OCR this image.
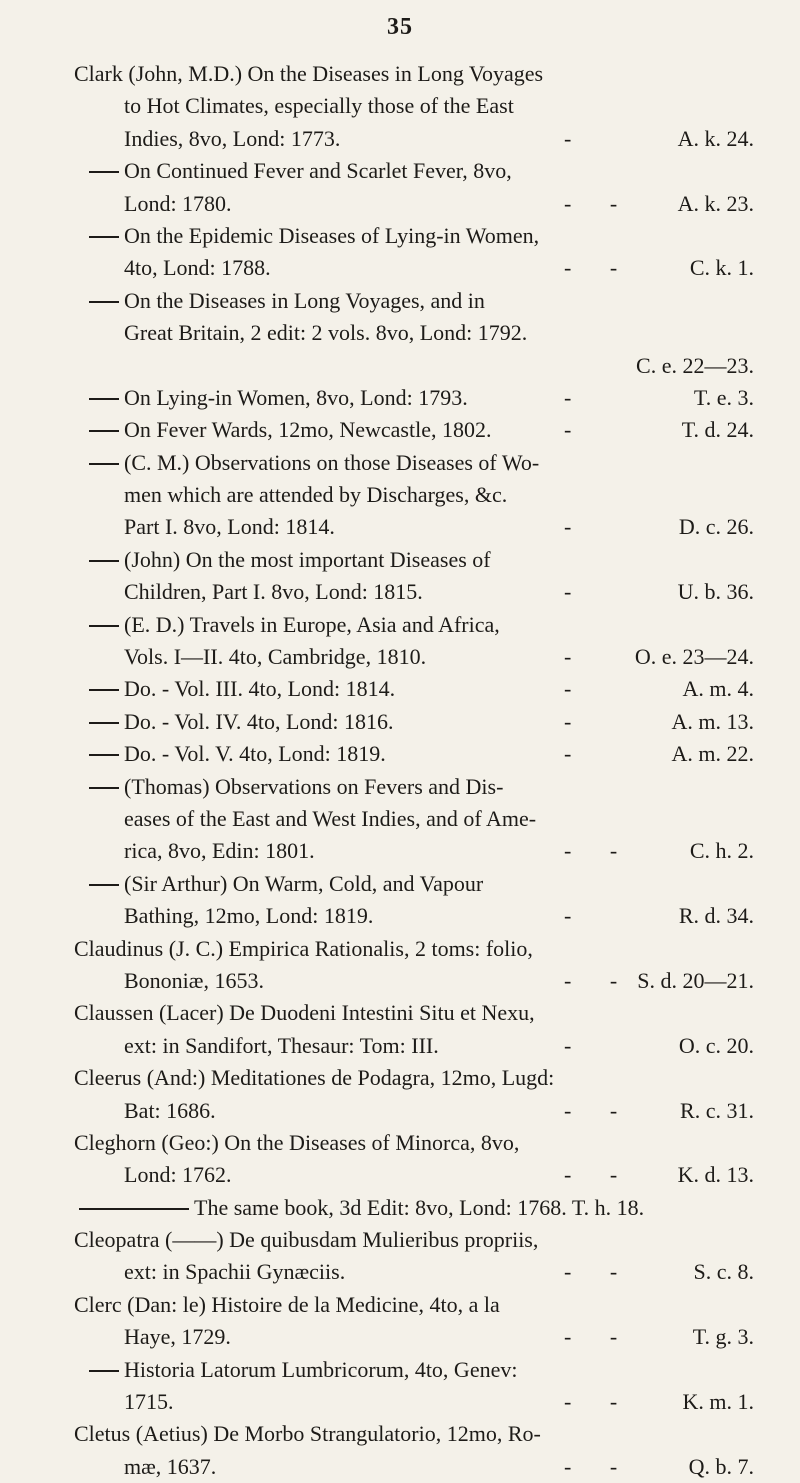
35
Clark (John, M.D.) On the Diseases in Long Voyages
to Hot Climates, especially those of the East
Indies, 8vo, Lond: 1773.	-	A. k. 24.
On Continued Fever and Scarlet Fever, 8vo,
Lond: 1780.	-       -	A. k. 23.
On the Epidemic Diseases of Lying-in Women,
4to, Lond: 1788.	-       -	C. k. 1.
On the Diseases in Long Voyages, and in
Great Britain, 2 edit: 2 vols. 8vo, Lond: 1792.
C. e. 22—23.
On Lying-in Women, 8vo, Lond: 1793.	-	T. e. 3.
On Fever Wards, 12mo, Newcastle, 1802.	-	T. d. 24.
(C. M.) Observations on those Diseases of Wo-
men which are attended by Discharges, &c.
Part I. 8vo, Lond: 1814.	-	D. c. 26.
(John) On the most important Diseases of
Children, Part I. 8vo, Lond: 1815.	-	U. b. 36.
(E. D.) Travels in Europe, Asia and Africa,
Vols. I—II. 4to, Cambridge, 1810.	-	O. e. 23—24.
Do. - Vol. III. 4to, Lond: 1814.	-	A. m. 4.
Do. - Vol. IV. 4to, Lond: 1816.	-	A. m. 13.
Do. - Vol. V. 4to, Lond: 1819.	-	A. m. 22.
(Thomas) Observations on Fevers and Dis-
eases of the East and West Indies, and of Ame-
rica, 8vo, Edin: 1801.	-       -	C. h. 2.
(Sir Arthur) On Warm, Cold, and Vapour
Bathing, 12mo, Lond: 1819.	-	R. d. 34.
Claudinus (J. C.) Empirica Rationalis, 2 toms: folio,
Bononiæ, 1653.	-       - S. d. 20—21.
Claussen (Lacer) De Duodeni Intestini Situ et Nexu,
ext: in Sandifort, Thesaur: Tom: III.	-	O. c. 20.
Cleerus (And:) Meditationes de Podagra, 12mo, Lugd:
Bat: 1686.	-       -	R. c. 31.
Cleghorn (Geo:) On the Diseases of Minorca, 8vo,
Lond: 1762.	-       -	K. d. 13.
The same book, 3d Edit: 8vo, Lond: 1768. T. h. 18.
Cleopatra (——) De quibusdam Mulieribus propriis,
ext: in Spachii Gynæciis.	-       -	S. c. 8.
Clerc (Dan: le) Histoire de la Medicine, 4to, a la
Haye, 1729.	-       -	T. g. 3.
Historia Latorum Lumbricorum, 4to, Genev:
1715.	-       -	K. m. 1.
Cletus (Aetius) De Morbo Strangulatorio, 12mo, Ro-
mæ, 1637.	-       -	Q. b. 7.
